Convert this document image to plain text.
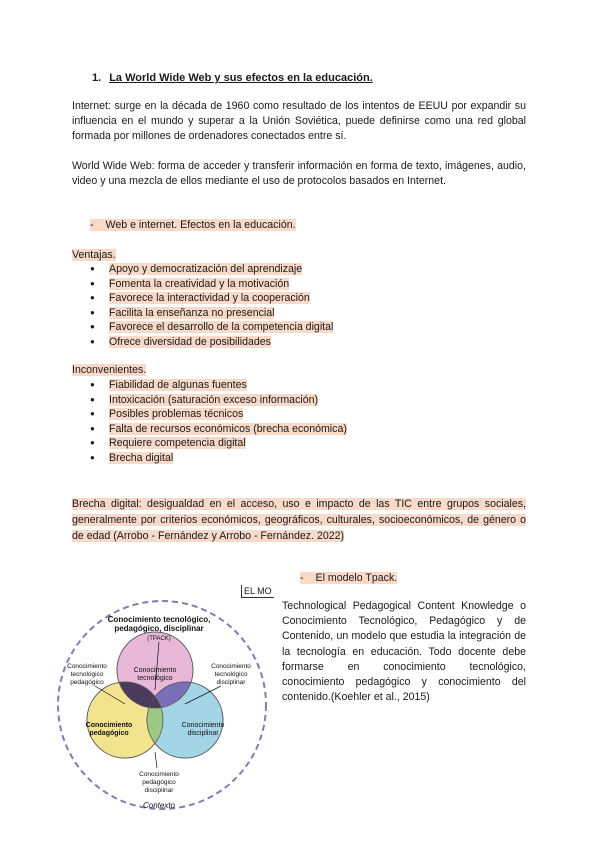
1. La World Wide Web y sus efectos en la educación.
Internet: surge en la década de 1960 como resultado de los intentos de EEUU por expandir su influencia en el mundo y superar a la Unión Soviética, puede definirse como una red global formada por millones de ordenadores conectados entre sí.
World Wide Web: forma de acceder y transferir información en forma de texto, imágenes, audio, video y una mezcla de ellos mediante el uso de protocolos basados en Internet.
- Web e internet. Efectos en la educación.
Ventajas.
● Apoyo y democratización del aprendizaje
● Fomenta la creatividad y la motivación
● Favorece la interactividad y la cooperación
● Facilita la enseñanza no presencial
● Favorece el desarrollo de la competencia digital
● Ofrece diversidad de posibilidades
Inconvenientes.
● Fiabilidad de algunas fuentes
● Intoxicación (saturación exceso información)
● Posibles problemas técnicos
● Falta de recursos económicos (brecha económica)
● Requiere competencia digital
● Brecha digital
Brecha digital: desigualdad en el acceso, uso e impacto de las TIC entre grupos sociales, generalmente por criterios económicos, geográficos, culturales, socioeconómicos, de género o de edad (Arrobo - Fernández y Arrobo - Fernández. 2022)
- El modelo Tpack.
EL MO
Technological Pedagogical Content Knowledge o Conocimiento Tecnológico, Pedagógico y de Contenido, un modelo que estudia la integración de la tecnología en educación. Todo docente debe formarse en conocimiento tecnológico, conocimiento pedagógico y conocimiento del contenido.(Koehler et al., 2015)
Conocimiento tecnológico,
pedagógico, disciplinar
(TPACK)
Conocimiento
tecnológico
Conocimiento
pedagógico
Conocimiento
disciplinar
Conocimiento
tecnológico
pedagógico
Conocimiento
tecnológico
disciplinar
Conocimiento
pedagógico
disciplinar
Contexto
